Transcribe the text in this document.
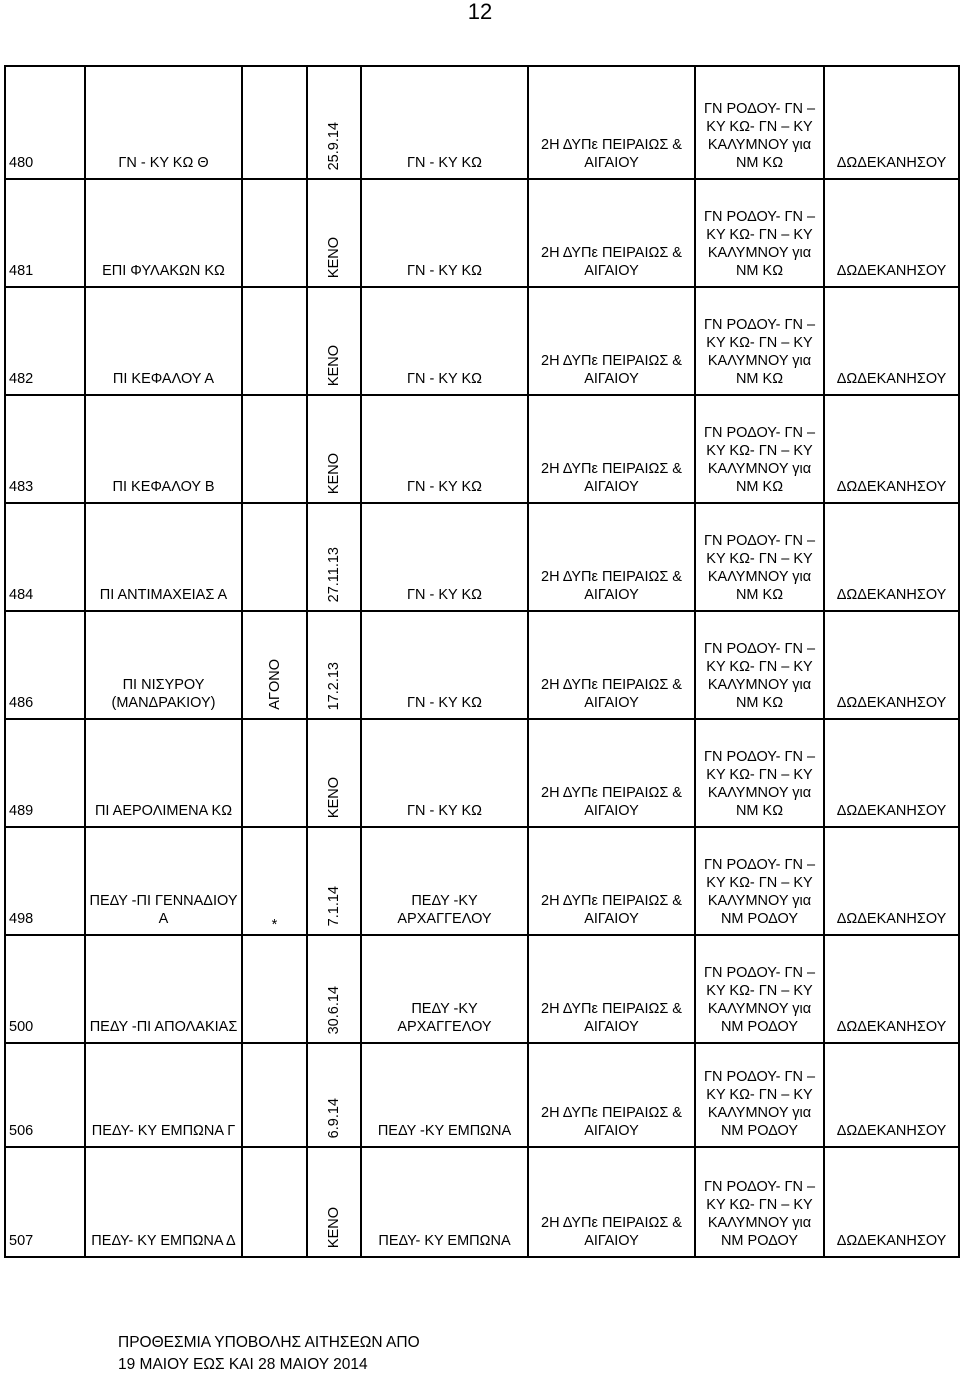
12
480	ΓΝ - ΚΥ ΚΩ Θ		25.9.14	ΓΝ - ΚΥ ΚΩ	2Η ΔΥΠε ΠΕΙΡΑΙΩΣ & ΑΙΓΑΙΟΥ	ΓΝ ΡΟΔΟΥ- ΓΝ – ΚΥ ΚΩ- ΓΝ – ΚΥ ΚΑΛΥΜΝΟΥ για ΝΜ ΚΩ	ΔΩΔΕΚΑΝΗΣΟΥ
481	ΕΠΙ ΦΥΛΑΚΩΝ ΚΩ		ΚΕΝΟ	ΓΝ - ΚΥ ΚΩ	2Η ΔΥΠε ΠΕΙΡΑΙΩΣ & ΑΙΓΑΙΟΥ	ΓΝ ΡΟΔΟΥ- ΓΝ – ΚΥ ΚΩ- ΓΝ – ΚΥ ΚΑΛΥΜΝΟΥ για ΝΜ ΚΩ	ΔΩΔΕΚΑΝΗΣΟΥ
482	ΠΙ ΚΕΦΑΛΟΥ Α		ΚΕΝΟ	ΓΝ - ΚΥ ΚΩ	2Η ΔΥΠε ΠΕΙΡΑΙΩΣ & ΑΙΓΑΙΟΥ	ΓΝ ΡΟΔΟΥ- ΓΝ – ΚΥ ΚΩ- ΓΝ – ΚΥ ΚΑΛΥΜΝΟΥ για ΝΜ ΚΩ	ΔΩΔΕΚΑΝΗΣΟΥ
483	ΠΙ ΚΕΦΑΛΟΥ Β		ΚΕΝΟ	ΓΝ - ΚΥ ΚΩ	2Η ΔΥΠε ΠΕΙΡΑΙΩΣ & ΑΙΓΑΙΟΥ	ΓΝ ΡΟΔΟΥ- ΓΝ – ΚΥ ΚΩ- ΓΝ – ΚΥ ΚΑΛΥΜΝΟΥ για ΝΜ ΚΩ	ΔΩΔΕΚΑΝΗΣΟΥ
484	ΠΙ ΑΝΤΙΜΑΧΕΙΑΣ Α		27.11.13	ΓΝ - ΚΥ ΚΩ	2Η ΔΥΠε ΠΕΙΡΑΙΩΣ & ΑΙΓΑΙΟΥ	ΓΝ ΡΟΔΟΥ- ΓΝ – ΚΥ ΚΩ- ΓΝ – ΚΥ ΚΑΛΥΜΝΟΥ για ΝΜ ΚΩ	ΔΩΔΕΚΑΝΗΣΟΥ
486	ΠΙ ΝΙΣΥΡΟΥ (ΜΑΝΔΡΑΚΙΟΥ)	ΑΓΟΝΟ	17.2.13	ΓΝ - ΚΥ ΚΩ	2Η ΔΥΠε ΠΕΙΡΑΙΩΣ & ΑΙΓΑΙΟΥ	ΓΝ ΡΟΔΟΥ- ΓΝ – ΚΥ ΚΩ- ΓΝ – ΚΥ ΚΑΛΥΜΝΟΥ για ΝΜ ΚΩ	ΔΩΔΕΚΑΝΗΣΟΥ
489	ΠΙ ΑΕΡΟΛΙΜΕΝΑ ΚΩ		ΚΕΝΟ	ΓΝ - ΚΥ ΚΩ	2Η ΔΥΠε ΠΕΙΡΑΙΩΣ & ΑΙΓΑΙΟΥ	ΓΝ ΡΟΔΟΥ- ΓΝ – ΚΥ ΚΩ- ΓΝ – ΚΥ ΚΑΛΥΜΝΟΥ για ΝΜ ΚΩ	ΔΩΔΕΚΑΝΗΣΟΥ
498	ΠΕΔΥ -ΠΙ ΓΕΝΝΑΔΙΟΥ Α	*	7.1.14	ΠΕΔΥ -ΚΥ ΑΡΧΑΓΓΕΛΟΥ	2Η ΔΥΠε ΠΕΙΡΑΙΩΣ & ΑΙΓΑΙΟΥ	ΓΝ ΡΟΔΟΥ- ΓΝ – ΚΥ ΚΩ- ΓΝ – ΚΥ ΚΑΛΥΜΝΟΥ για ΝΜ ΡΟΔΟΥ	ΔΩΔΕΚΑΝΗΣΟΥ
500	ΠΕΔΥ -ΠΙ ΑΠΟΛΑΚΙΑΣ		30.6.14	ΠΕΔΥ -ΚΥ ΑΡΧΑΓΓΕΛΟΥ	2Η ΔΥΠε ΠΕΙΡΑΙΩΣ & ΑΙΓΑΙΟΥ	ΓΝ ΡΟΔΟΥ- ΓΝ – ΚΥ ΚΩ- ΓΝ – ΚΥ ΚΑΛΥΜΝΟΥ για ΝΜ ΡΟΔΟΥ	ΔΩΔΕΚΑΝΗΣΟΥ
506	ΠΕΔΥ- ΚΥ ΕΜΠΩΝΑ Γ		6.9.14	ΠΕΔΥ -ΚΥ ΕΜΠΩΝΑ	2Η ΔΥΠε ΠΕΙΡΑΙΩΣ & ΑΙΓΑΙΟΥ	ΓΝ ΡΟΔΟΥ- ΓΝ – ΚΥ ΚΩ- ΓΝ – ΚΥ ΚΑΛΥΜΝΟΥ για ΝΜ ΡΟΔΟΥ	ΔΩΔΕΚΑΝΗΣΟΥ
507	ΠΕΔΥ- ΚΥ ΕΜΠΩΝΑ Δ		ΚΕΝΟ	ΠΕΔΥ- ΚΥ ΕΜΠΩΝΑ	2Η ΔΥΠε ΠΕΙΡΑΙΩΣ & ΑΙΓΑΙΟΥ	ΓΝ ΡΟΔΟΥ- ΓΝ – ΚΥ ΚΩ- ΓΝ – ΚΥ ΚΑΛΥΜΝΟΥ για ΝΜ ΡΟΔΟΥ	ΔΩΔΕΚΑΝΗΣΟΥ
ΠΡΟΘΕΣΜΙΑ ΥΠΟΒΟΛΗΣ ΑΙΤΗΣΕΩΝ ΑΠΟ
19 ΜΑΙΟΥ ΕΩΣ ΚΑΙ 28 ΜΑΙΟΥ 2014
